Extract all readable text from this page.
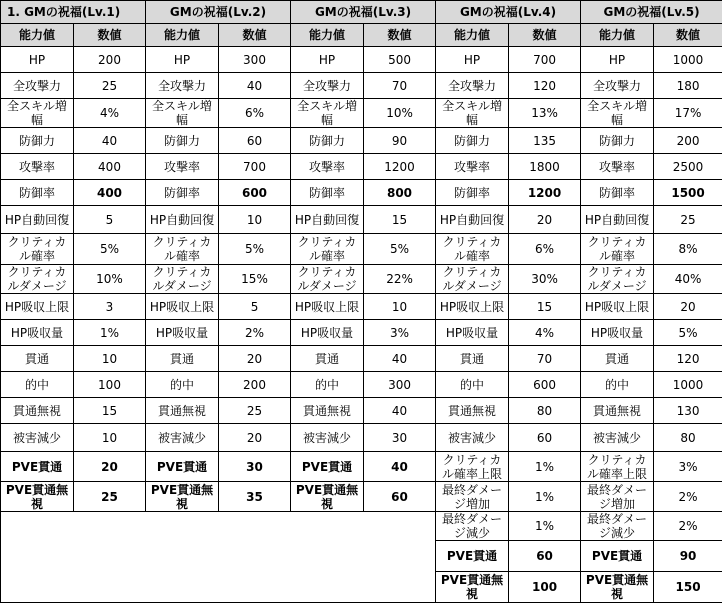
1. GMの祝福(Lv.1)		GMの祝福(Lv.2)		GMの祝福(Lv.3)		GMの祝福(Lv.4)		GMの祝福(Lv.5)	
能力値	数値	能力値	数値	能力値	数値	能力値	数値	能力値	数値
HP	200	HP	300	HP	500	HP	700	HP	1000
全攻撃力	25	全攻撃力	40	全攻撃力	70	全攻撃力	120	全攻撃力	180
全スキル増幅	4%	全スキル増幅	6%	全スキル増幅	10%	全スキル増幅	13%	全スキル増幅	17%
防御力	40	防御力	60	防御力	90	防御力	135	防御力	200
攻撃率	400	攻撃率	700	攻撃率	1200	攻撃率	1800	攻撃率	2500
防御率	400	防御率	600	防御率	800	防御率	1200	防御率	1500
HP自動回復	5	HP自動回復	10	HP自動回復	15	HP自動回復	20	HP自動回復	25
クリティカル確率	5%	クリティカル確率	5%	クリティカル確率	5%	クリティカル確率	6%	クリティカル確率	8%
クリティカルダメージ	10%	クリティカルダメージ	15%	クリティカルダメージ	22%	クリティカルダメージ	30%	クリティカルダメージ	40%
HP吸収上限	3	HP吸収上限	5	HP吸収上限	10	HP吸収上限	15	HP吸収上限	20
HP吸収量	1%	HP吸収量	2%	HP吸収量	3%	HP吸収量	4%	HP吸収量	5%
貫通	10	貫通	20	貫通	40	貫通	70	貫通	120
的中	100	的中	200	的中	300	的中	600	的中	1000
貫通無視	15	貫通無視	25	貫通無視	40	貫通無視	80	貫通無視	130
被害減少	10	被害減少	20	被害減少	30	被害減少	60	被害減少	80
PVE貫通	20	PVE貫通	30	PVE貫通	40	クリティカル確率上限	1%	クリティカル確率上限	3%
PVE貫通無視	25	PVE貫通無視	35	PVE貫通無視	60	最終ダメージ増加	1%	最終ダメージ増加	2%
						最終ダメージ減少	1%	最終ダメージ減少	2%
						PVE貫通	60	PVE貫通	90
						PVE貫通無視	100	PVE貫通無視	150
